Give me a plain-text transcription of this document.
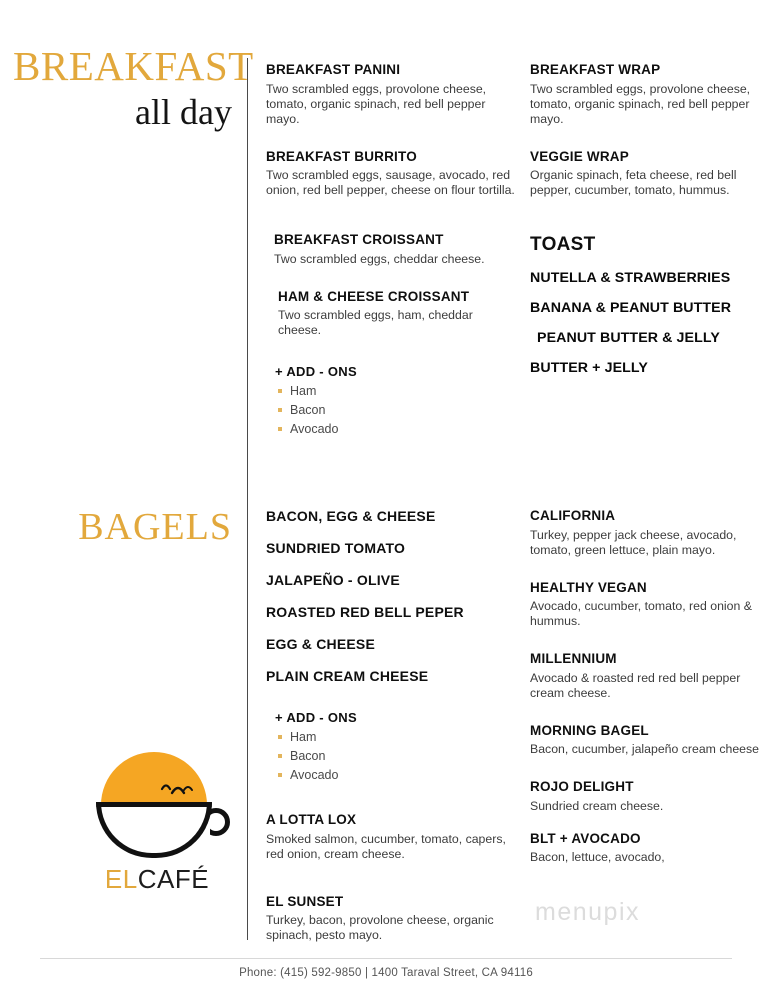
BREAKFAST
all day
BREAKFAST PANINI
Two scrambled eggs, provolone cheese, tomato, organic spinach, red bell pepper mayo.
BREAKFAST BURRITO
Two scrambled eggs, sausage, avocado, red onion, red bell pepper, cheese on flour tortilla.
BREAKFAST CROISSANT
Two scrambled eggs, cheddar cheese.
HAM & CHEESE CROISSANT
Two scrambled eggs, ham, cheddar cheese.
+ ADD - ONS
Ham
Bacon
Avocado
BREAKFAST WRAP
Two scrambled eggs, provolone cheese, tomato, organic spinach, red bell pepper mayo.
VEGGIE WRAP
Organic spinach, feta cheese, red bell pepper, cucumber, tomato, hummus.
TOAST
NUTELLA & STRAWBERRIES
BANANA & PEANUT BUTTER
PEANUT BUTTER & JELLY
BUTTER + JELLY
BAGELS BACON, EGG & CHEESE
SUNDRIED TOMATO
JALAPEÑO - OLIVE
ROASTED RED BELL PEPER
EGG & CHEESE
PLAIN CREAM CHEESE
+ ADD - ONS
Ham
Bacon
Avocado
A LOTTA LOX
Smoked salmon, cucumber, tomato, capers, red onion, cream cheese.
EL SUNSET
Turkey, bacon, provolone cheese, organic spinach, pesto mayo.
CALIFORNIA
Turkey, pepper jack cheese, avocado, tomato, green lettuce, plain mayo.
HEALTHY VEGAN
Avocado, cucumber, tomato, red onion & hummus.
MILLENNIUM
Avocado & roasted red red bell pepper cream cheese.
MORNING BAGEL
Bacon, cucumber, jalapeño cream cheese
ROJO DELIGHT
Sundried cream cheese.
BLT + AVOCADO
Bacon, lettuce, avocado,
ELCAFÉ
menupix
Phone: (415) 592-9850 | 1400 Taraval Street, CA 94116
